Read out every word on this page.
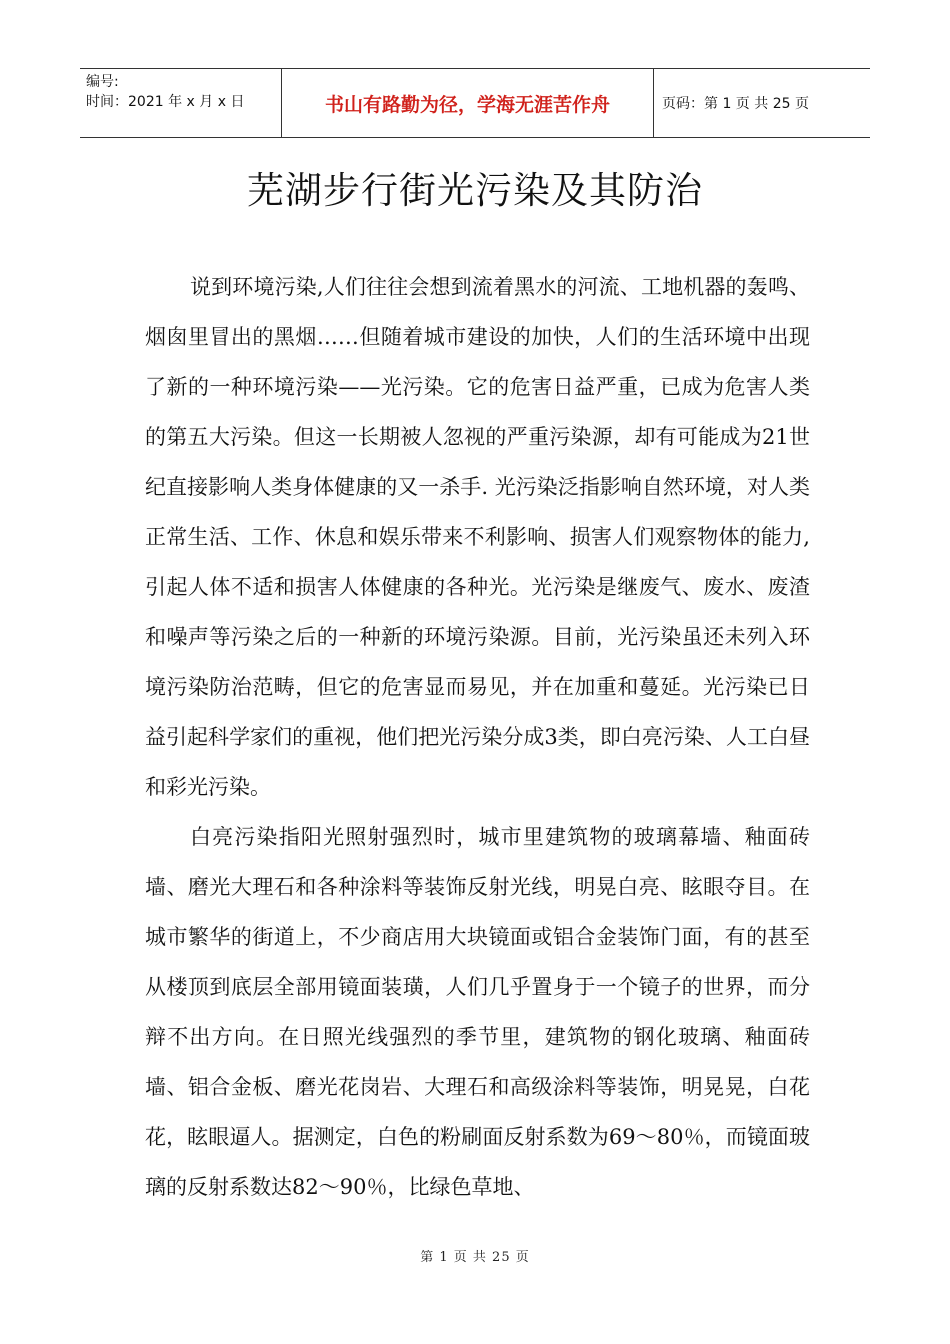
编号:
时间：2021 年 x 月 x 日	书山有路勤为径，学海无涯苦作舟	页码：第 1 页 共 25 页
芜湖步行街光污染及其防治

说到环境污染,人们往往会想到流着黑水的河流、工地机器的轰鸣、烟囱里冒出的黑烟……但随着城市建设的加快，人们的生活环境中出现了新的一种环境污染——光污染。它的危害日益严重，已成为危害人类的第五大污染。但这一长期被人忽视的严重污染源，却有可能成为21世纪直接影响人类身体健康的又一杀手. 光污染泛指影响自然环境，对人类正常生活、工作、休息和娱乐带来不利影响、损害人们观察物体的能力,引起人体不适和损害人体健康的各种光。光污染是继废气、废水、废渣和噪声等污染之后的一种新的环境污染源。目前，光污染虽还未列入环境污染防治范畴，但它的危害显而易见，并在加重和蔓延。光污染已日益引起科学家们的重视，他们把光污染分成3类，即白亮污染、人工白昼和彩光污染。

白亮污染指阳光照射强烈时，城市里建筑物的玻璃幕墙、釉面砖墙、磨光大理石和各种涂料等装饰反射光线，明晃白亮、眩眼夺目。在城市繁华的街道上，不少商店用大块镜面或铝合金装饰门面，有的甚至从楼顶到底层全部用镜面装璜，人们几乎置身于一个镜子的世界，而分辩不出方向。在日照光线强烈的季节里，建筑物的钢化玻璃、釉面砖墙、铝合金板、磨光花岗岩、大理石和高级涂料等装饰，明晃晃，白花花，眩眼逼人。据测定，白色的粉刷面反射系数为69～80％，而镜面玻璃的反射系数达82～90％，比绿色草地、

第 1 页 共 25 页
